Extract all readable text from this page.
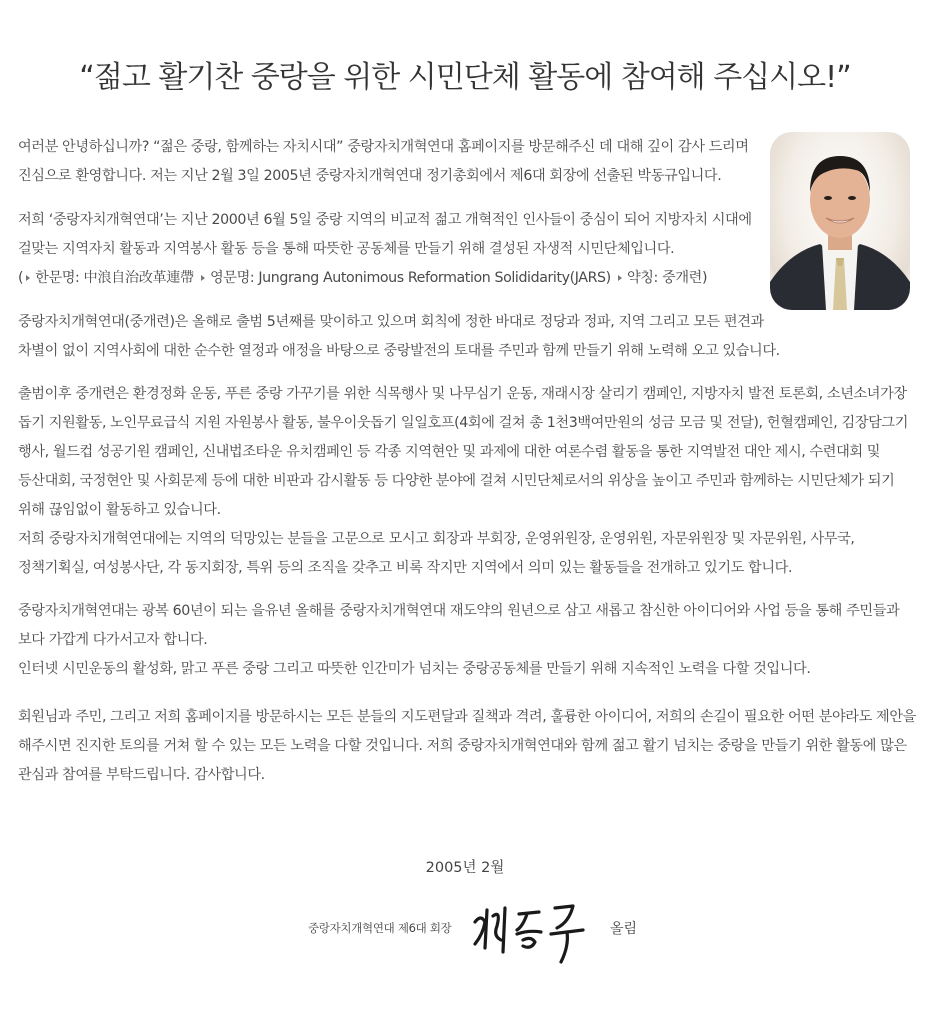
“젊고 활기찬 중랑을 위한 시민단체 활동에 참여해 주십시오!”
여러분 안녕하십니까? “젊은 중랑, 함께하는 자치시대” 중랑자치개혁연대 홈페이지를 방문해주신 데 대해 깊이 감사 드리며
진심으로 환영합니다. 저는 지난 2월 3일 2005년 중랑자치개혁연대 정기총회에서 제6대 회장에 선출된 박동규입니다.
저희 ‘중랑자치개혁연대’는 지난 2000년 6월 5일 중랑 지역의 비교적 젊고 개혁적인 인사들이 중심이 되어 지방자치 시대에
걸맞는 지역자치 활동과 지역봉사 활동 등을 통해 따뜻한 공동체를 만들기 위해 결성된 자생적 시민단체입니다.
( 한문명: 中浪自治改革連帶 영문명: Jungrang Autonimous Reformation Solididarity(JARS) 약칭: 중개련)
중랑자치개혁연대(중개련)은 올해로 출범 5년째를 맞이하고 있으며 회칙에 정한 바대로 정당과 정파, 지역 그리고 모든 편견과
차별이 없이 지역사회에 대한 순수한 열정과 애정을 바탕으로 중랑발전의 토대를 주민과 함께 만들기 위해 노력해 오고 있습니다.
출범이후 중개련은 환경정화 운동, 푸른 중랑 가꾸기를 위한 식목행사 및 나무심기 운동, 재래시장 살리기 캠페인, 지방자치 발전 토론회, 소년소녀가장
돕기 지원활동, 노인무료급식 지원 자원봉사 활동, 불우이웃돕기 일일호프(4회에 걸쳐 총 1천3백여만원의 성금 모금 및 전달), 헌혈캠페인, 김장담그기
행사, 월드컵 성공기원 캠페인, 신내법조타운 유치캠페인 등 각종 지역현안 및 과제에 대한 여론수렴 활동을 통한 지역발전 대안 제시, 수련대회 및
등산대회, 국정현안 및 사회문제 등에 대한 비판과 감시활동 등 다양한 분야에 걸쳐 시민단체로서의 위상을 높이고 주민과 함께하는 시민단체가 되기
위해 끊임없이 활동하고 있습니다.
저희 중랑자치개혁연대에는 지역의 덕망있는 분들을 고문으로 모시고 회장과 부회장, 운영위원장, 운영위원, 자문위원장 및 자문위원, 사무국,
정책기획실, 여성봉사단, 각 동지회장, 특위 등의 조직을 갖추고 비록 작지만 지역에서 의미 있는 활동들을 전개하고 있기도 합니다.
중랑자치개혁연대는 광복 60년이 되는 을유년 올해를 중랑자치개혁연대 재도약의 원년으로 삼고 새롭고 참신한 아이디어와 사업 등을 통해 주민들과
보다 가깝게 다가서고자 합니다.
인터넷 시민운동의 활성화, 맑고 푸른 중랑 그리고 따뜻한 인간미가 넘치는 중랑공동체를 만들기 위해 지속적인 노력을 다할 것입니다.
회원님과 주민, 그리고 저희 홈페이지를 방문하시는 모든 분들의 지도편달과 질책과 격려, 훌륭한 아이디어, 저희의 손길이 필요한 어떤 분야라도 제안을
해주시면 진지한 토의를 거쳐 할 수 있는 모든 노력을 다할 것입니다. 저희 중랑자치개혁연대와 함께 젊고 활기 넘치는 중랑을 만들기 위한 활동에 많은
관심과 참여를 부탁드립니다. 감사합니다.
2005년 2월
중랑자치개혁연대 제6대 회장	올림
